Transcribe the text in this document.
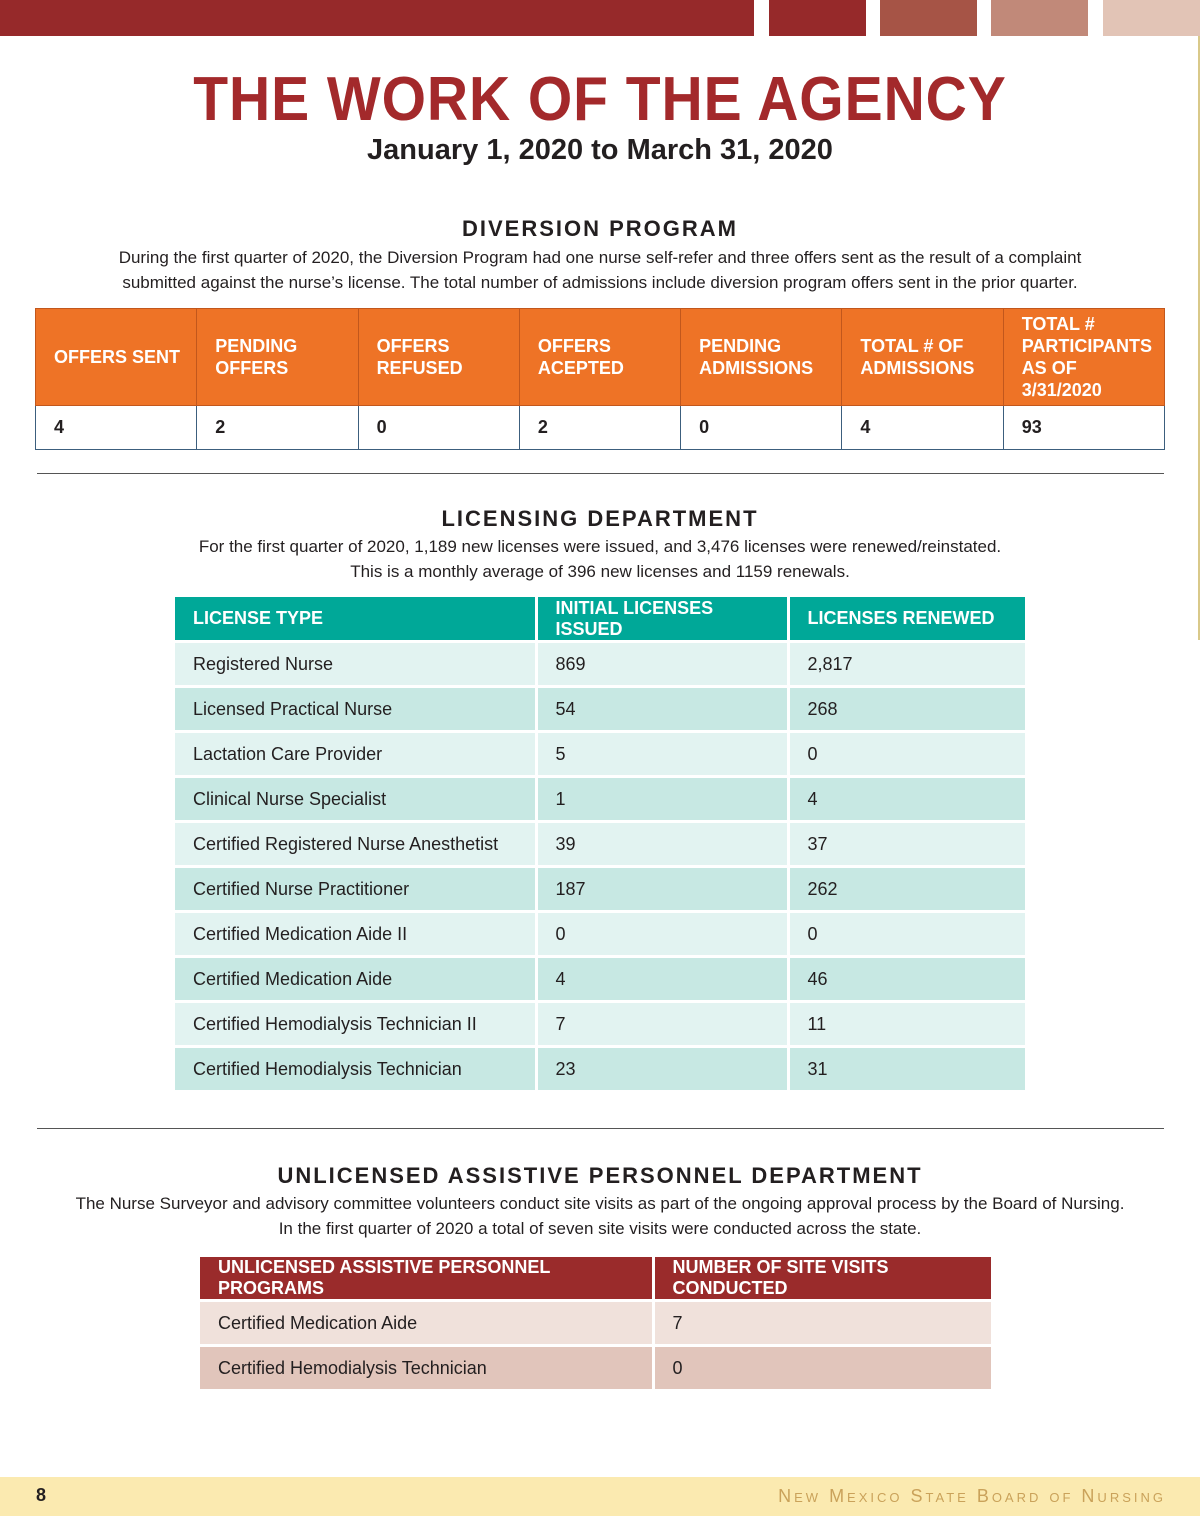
THE WORK OF THE AGENCY
January 1, 2020 to March 31, 2020
DIVERSION PROGRAM
During the first quarter of 2020, the Diversion Program had one nurse self-refer and three offers sent as the result of a complaint
submitted against the nurse’s license. The total number of admissions include diversion program offers sent in the prior quarter.
OFFERS SENT	PENDING OFFERS	OFFERS REFUSED	OFFERS ACEPTED	PENDING ADMISSIONS	TOTAL # OF ADMISSIONS	TOTAL # PARTICIPANTS AS OF 3/31/2020
4	2	0	2	0	4	93
LICENSING DEPARTMENT
For the first quarter of 2020, 1,189 new licenses were issued, and 3,476 licenses were renewed/reinstated.
This is a monthly average of 396 new licenses and 1159 renewals.
LICENSE TYPE	INITIAL LICENSES ISSUED	LICENSES RENEWED
Registered Nurse	869	2,817
Licensed Practical Nurse	54	268
Lactation Care Provider	5	0
Clinical Nurse Specialist	1	4
Certified Registered Nurse Anesthetist	39	37
Certified Nurse Practitioner	187	262
Certified Medication Aide II	0	0
Certified Medication Aide	4	46
Certified Hemodialysis Technician II	7	11
Certified Hemodialysis Technician	23	31
UNLICENSED ASSISTIVE PERSONNEL DEPARTMENT
The Nurse Surveyor and advisory committee volunteers conduct site visits as part of the ongoing approval process by the Board of Nursing.
In the first quarter of 2020 a total of seven site visits were conducted across the state.
UNLICENSED ASSISTIVE PERSONNEL PROGRAMS	NUMBER OF SITE VISITS CONDUCTED
Certified Medication Aide	7
Certified Hemodialysis Technician	0
8	New Mexico State Board of Nursing
